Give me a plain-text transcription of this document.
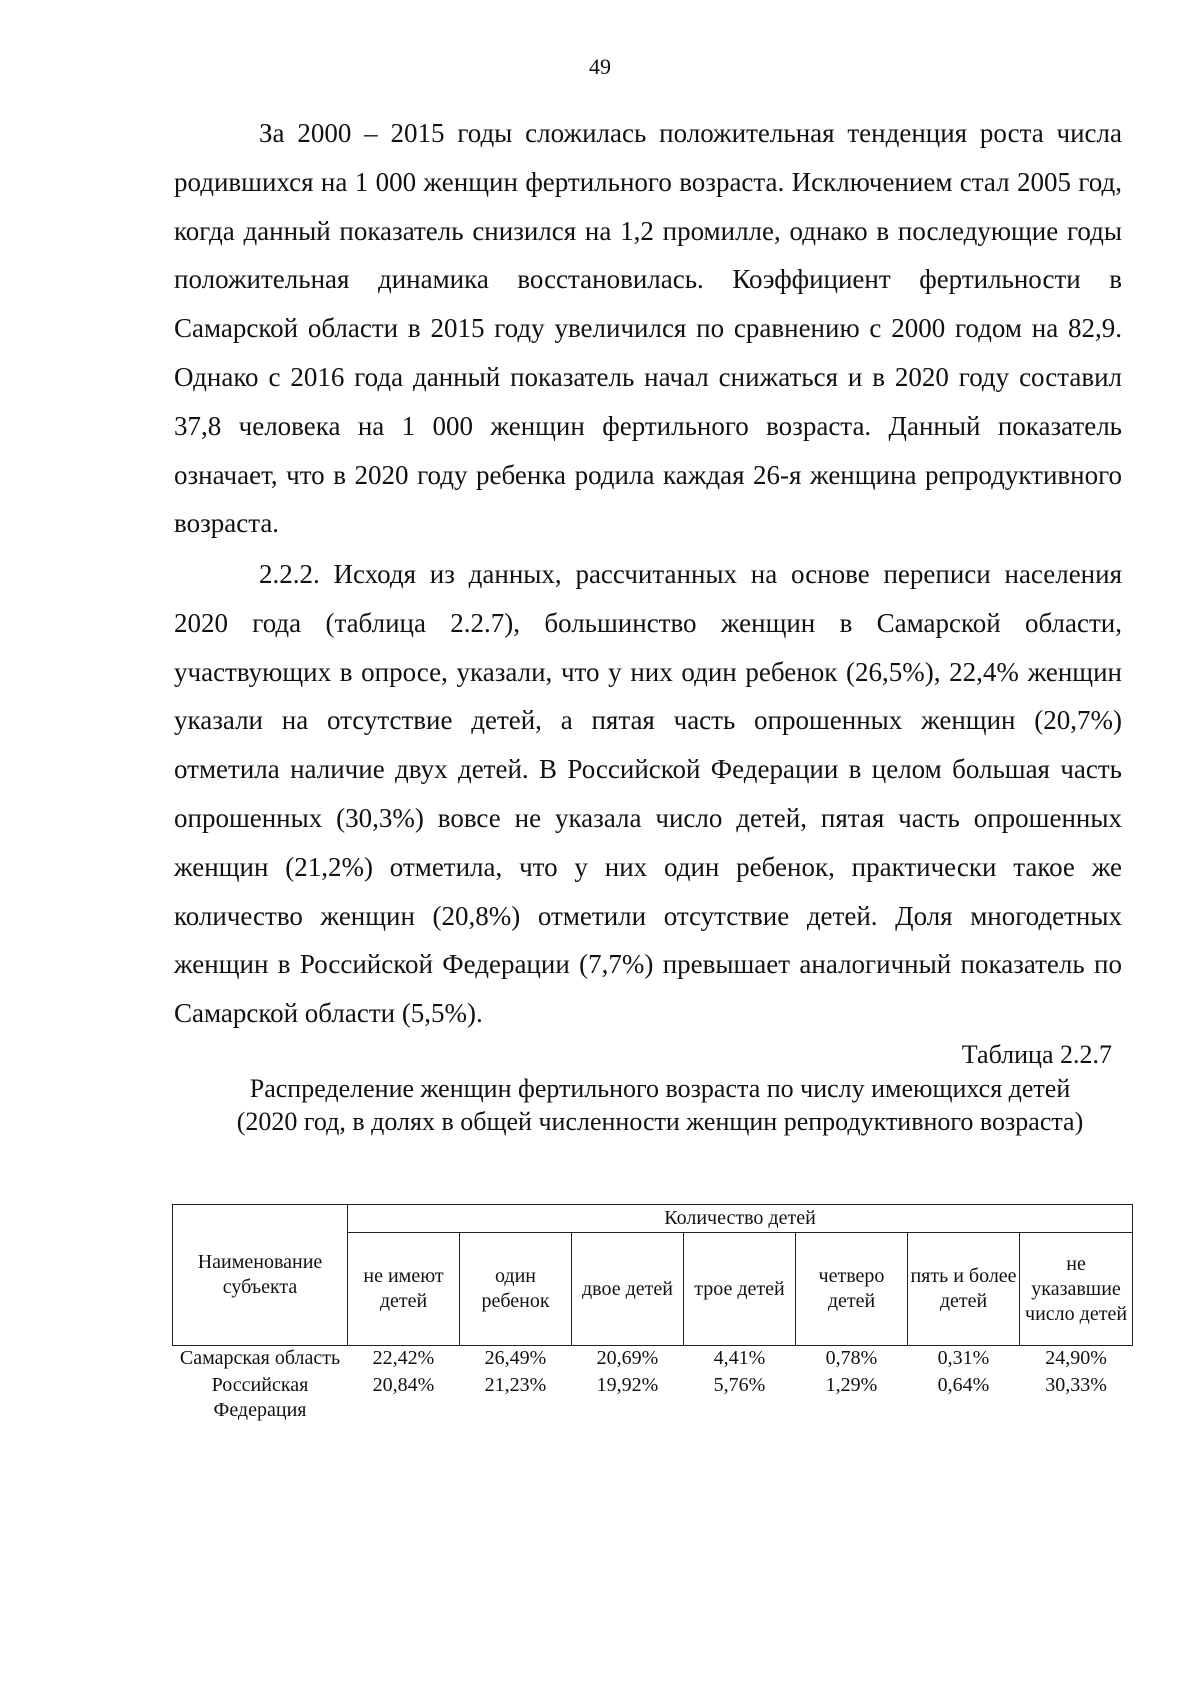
49

За 2000 – 2015 годы сложилась положительная тенденция роста числа родившихся на 1 000 женщин фертильного возраста. Исключением стал 2005 год, когда данный показатель снизился на 1,2 промилле, однако в последующие годы положительная динамика восстановилась. Коэффициент фертильности в Самарской области в 2015 году увеличился по сравнению с 2000 годом на 82,9. Однако с 2016 года данный показатель начал снижаться и в 2020 году составил 37,8 человека на 1 000 женщин фертильного возраста. Данный показатель означает, что в 2020 году ребенка родила каждая 26-я женщина репродуктивного возраста.

2.2.2. Исходя из данных, рассчитанных на основе переписи населения 2020 года (таблица 2.2.7), большинство женщин в Самарской области, участвующих в опросе, указали, что у них один ребенок (26,5%), 22,4% женщин указали на отсутствие детей, а пятая часть опрошенных женщин (20,7%) отметила наличие двух детей. В Российской Федерации в целом большая часть опрошенных (30,3%) вовсе не указала число детей, пятая часть опрошенных женщин (21,2%) отметила, что у них один ребенок, практически такое же количество женщин (20,8%) отметили отсутствие детей. Доля многодетных женщин в Российской Федерации (7,7%) превышает аналогичный показатель по Самарской области (5,5%).

Таблица 2.2.7
Распределение женщин фертильного возраста по числу имеющихся детей (2020 год, в долях в общей численности женщин репродуктивного возраста)
Наименование субъекта	Количество детей						
	не имеют детей	один ребенок	двое детей	трое детей	четверо детей	пять и более детей	не указавшие число детей
Самарская область	22,42%	26,49%	20,69%	4,41%	0,78%	0,31%	24,90%
Российская Федерация	20,84%	21,23%	19,92%	5,76%	1,29%	0,64%	30,33%
